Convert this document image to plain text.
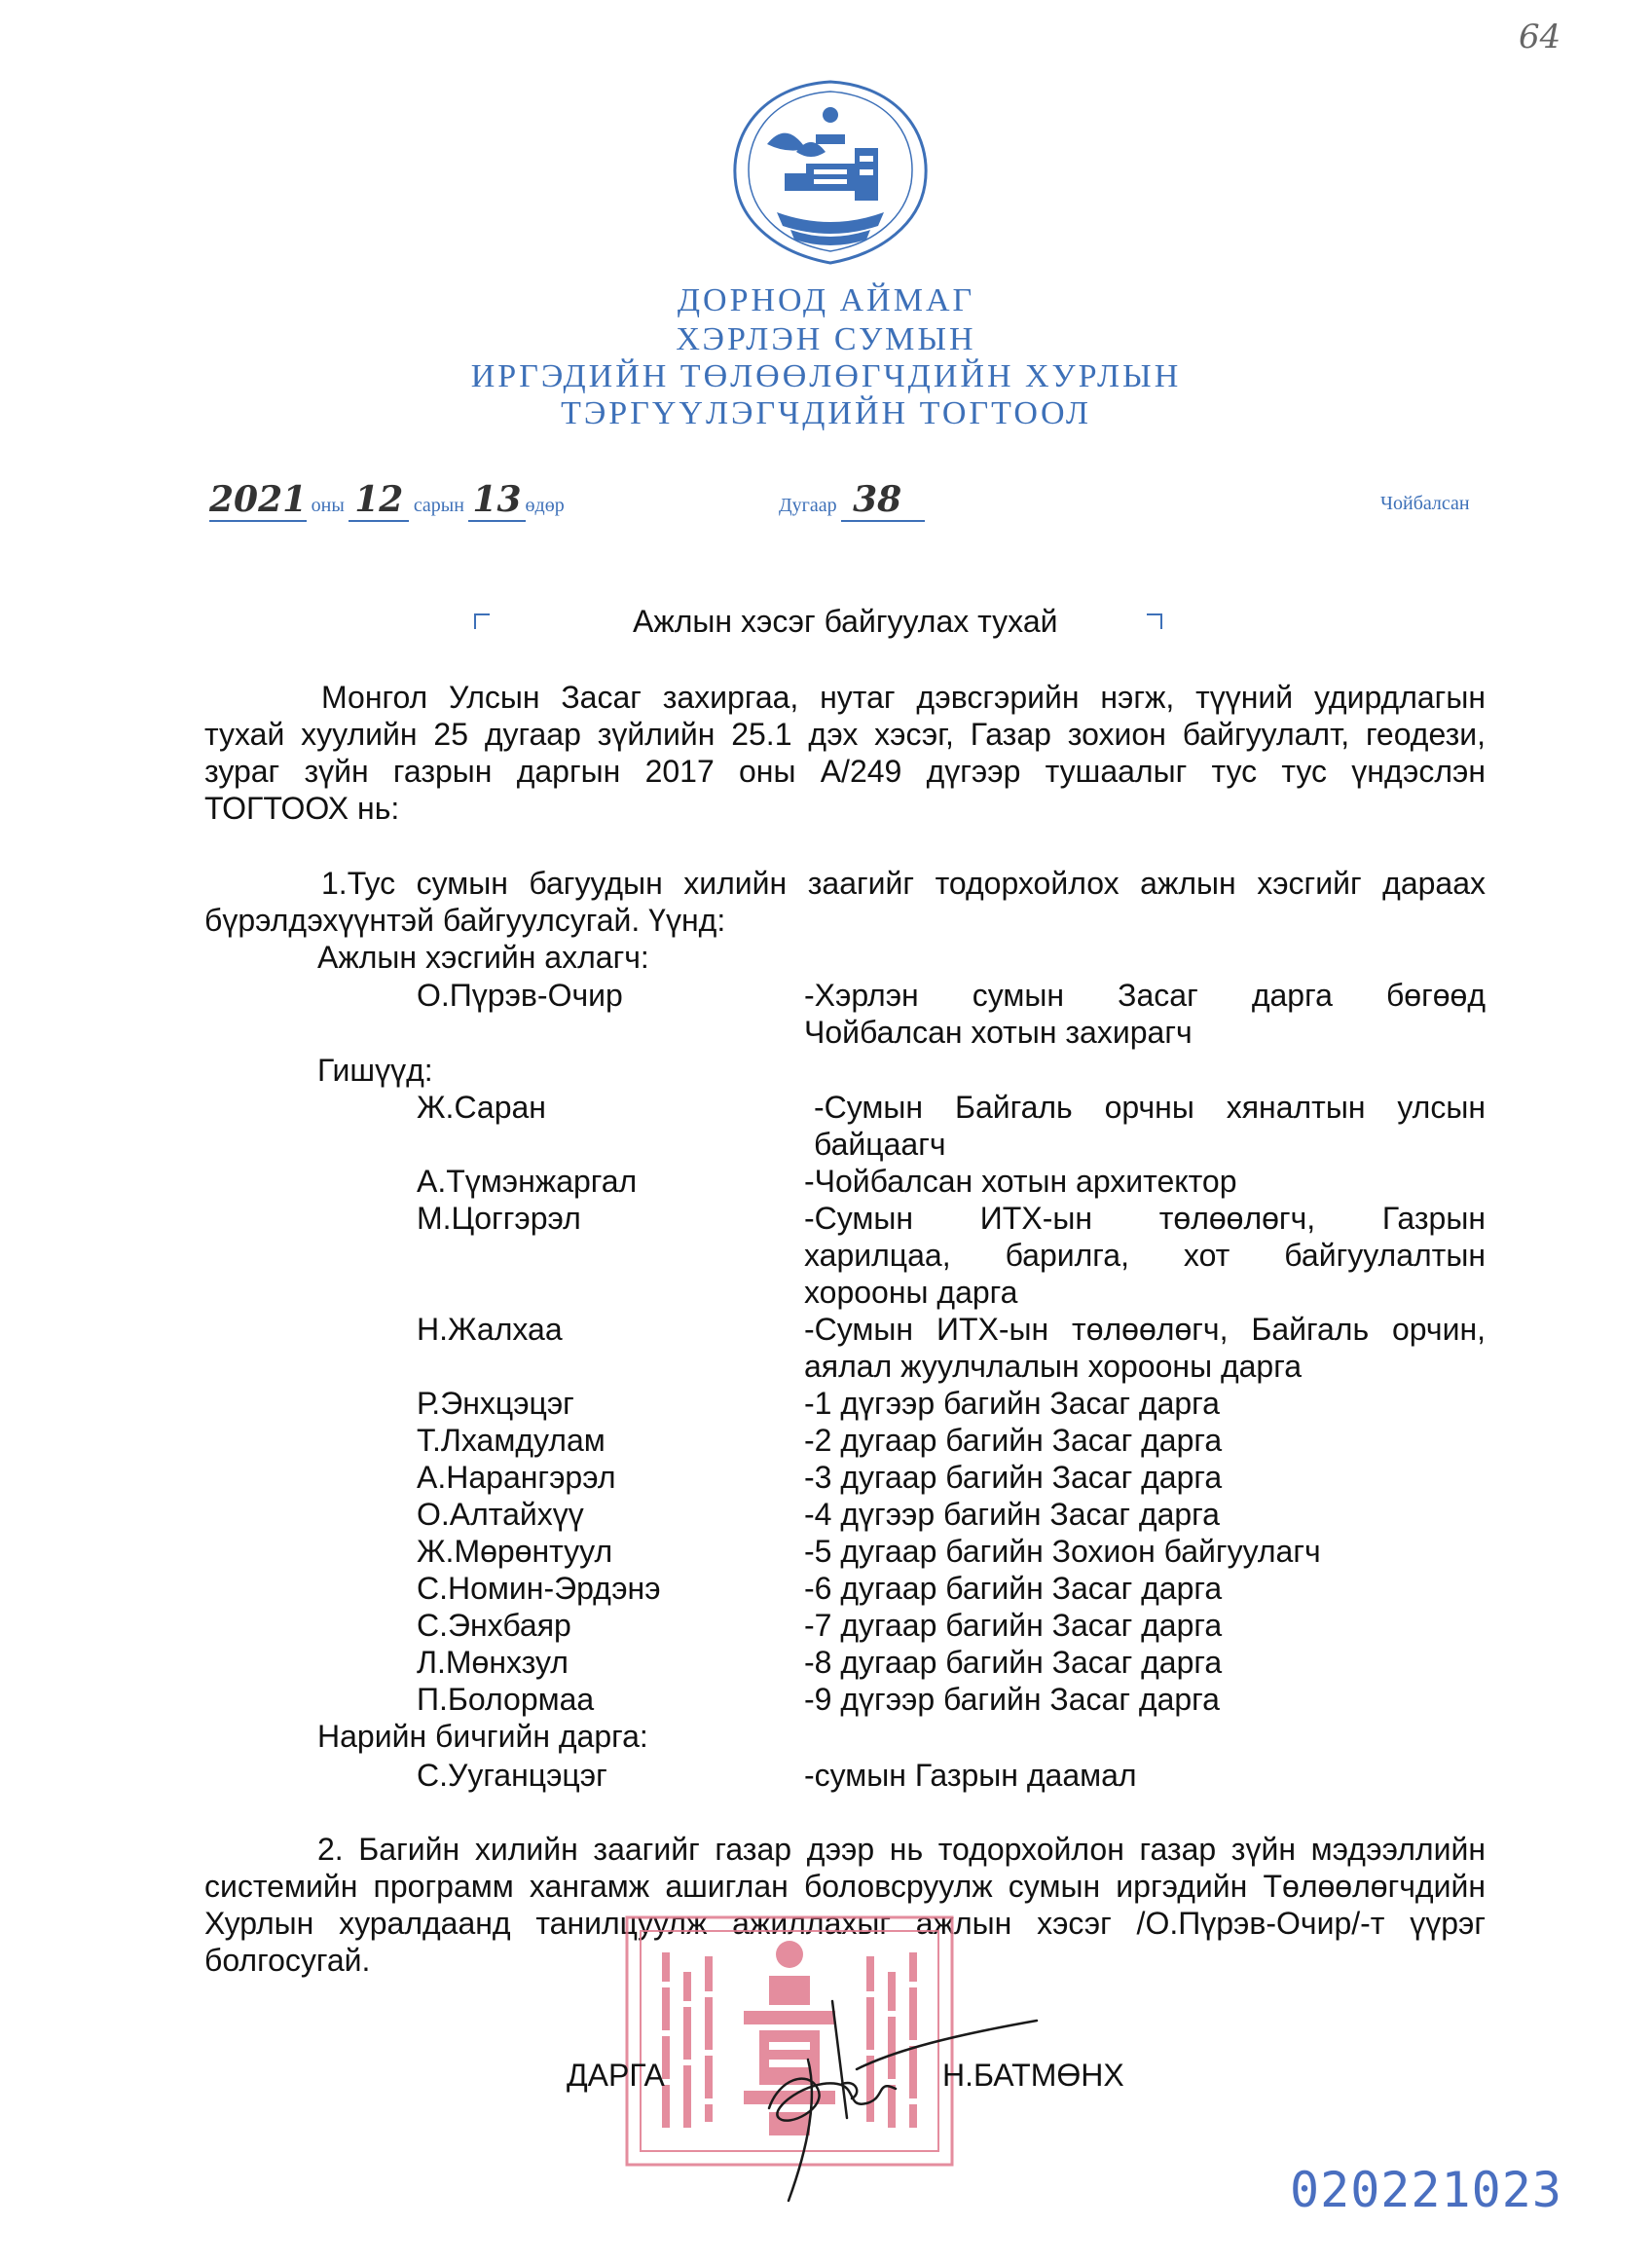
64
ДОРНОД АЙМАГ
ХЭРЛЭН СУМЫН
ИРГЭДИЙН ТӨЛӨӨЛӨГЧДИЙН ХУРЛЫН
ТЭРГҮҮЛЭГЧДИЙН ТОГТООЛ
2021 оны 12 сарын 13 өдөр	Дугаар 38	Чойбалсан
Ажлын хэсэг байгуулах тухай
Монгол Улсын Засаг захиргаа, нутаг дэвсгэрийн нэгж, түүний удирдлагын
тухай хуулийн 25 дугаар зүйлийн 25.1 дэх хэсэг, Газар зохион байгуулалт, геодези,
зураг зүйн газрын даргын 2017 оны А/249 дүгээр тушаалыг тус тус үндэслэн
ТОГТООХ нь:
1.Тус сумын багуудын хилийн заагийг тодорхойлох ажлын хэсгийг дараах
бүрэлдэхүүнтэй байгуулсугай. Үүнд:
Ажлын хэсгийн ахлагч:
О.Пүрэв-Очир	-Хэрлэн сумын Засаг дарга бөгөөд
Чойбалсан хотын захирагч
Гишүүд:
Ж.Саран	-Сумын Байгаль орчны хяналтын улсын
байцаагч
А.Түмэнжаргал	-Чойбалсан хотын архитектор
М.Цоггэрэл	-Сумын ИТХ-ын төлөөлөгч, Газрын
харилцаа, барилга, хот байгуулалтын
хорооны дарга
Н.Жалхаа	-Сумын ИТХ-ын төлөөлөгч, Байгаль орчин,
аялал жуулчлалын хорооны дарга
Р.Энхцэцэг	-1 дүгээр багийн Засаг дарга
Т.Лхамдулам	-2 дугаар багийн Засаг дарга
А.Нарангэрэл	-3 дугаар багийн Засаг дарга
О.Алтайхүү	-4 дүгээр багийн Засаг дарга
Ж.Мөрөнтуул	-5 дугаар багийн Зохион байгуулагч
С.Номин-Эрдэнэ	-6 дугаар багийн Засаг дарга
С.Энхбаяр	-7 дугаар багийн Засаг дарга
Л.Мөнхзул	-8 дугаар багийн Засаг дарга
П.Болормаа	-9 дүгээр багийн Засаг дарга
Нарийн бичгийн дарга:
С.Ууганцэцэг	-сумын Газрын даамал
2. Багийн хилийн заагийг газар дээр нь тодорхойлон газар зүйн мэдээллийн
системийн программ хангамж ашиглан боловсруулж сумын иргэдийн Төлөөлөгчдийн
Хурлын хуралдаанд танилцуулж ажиллахыг ажлын хэсэг /О.Пүрэв-Очир/-т үүрэг
болгосугай.
ДАРГА	Н.БАТМӨНХ
020221023
